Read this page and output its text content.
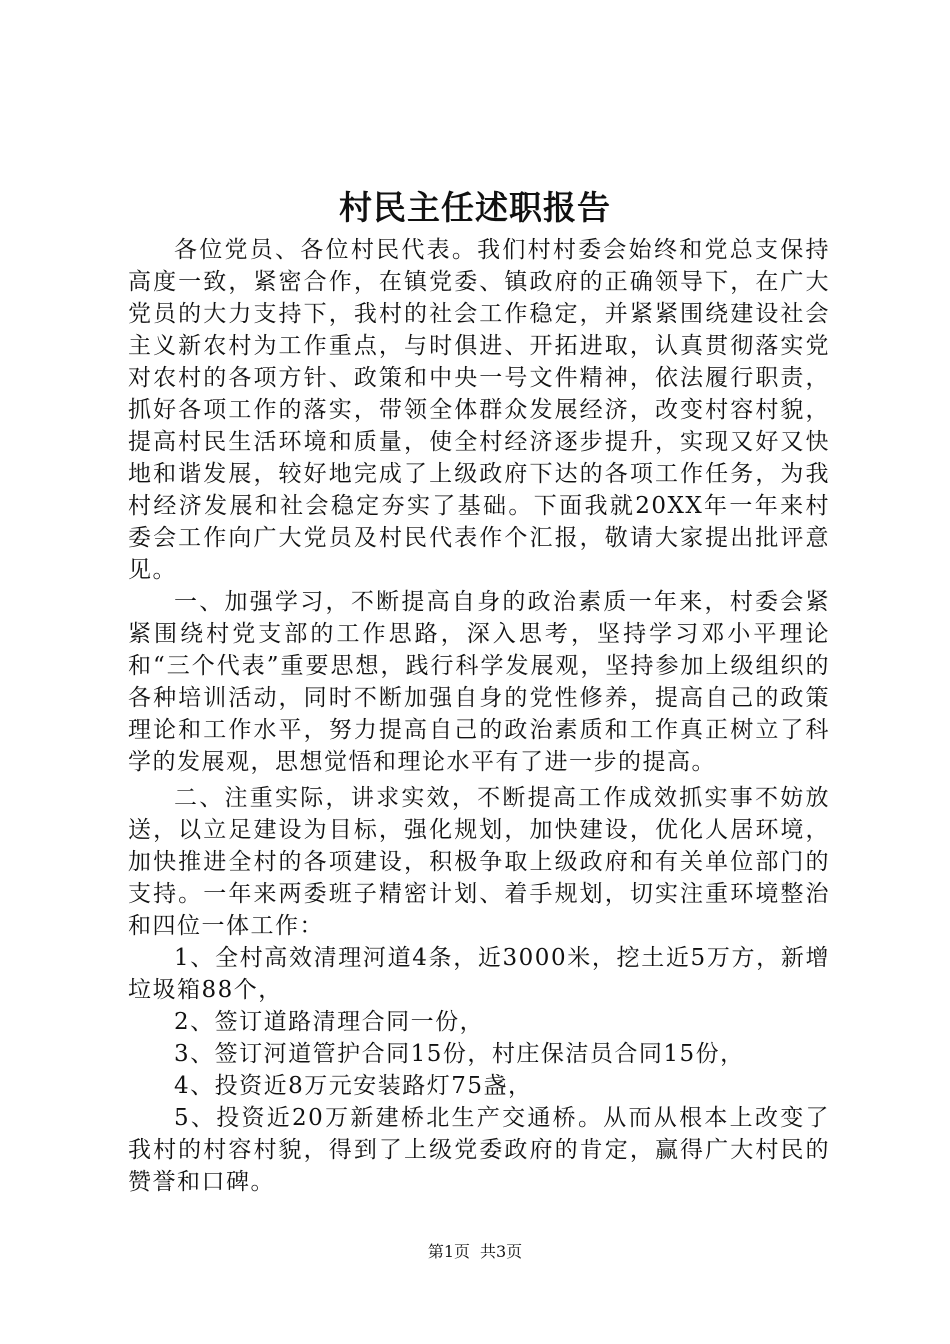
村民主任述职报告

各位党员、各位村民代表。我们村村委会始终和党总支保持高度一致，紧密合作，在镇党委、镇政府的正确领导下，在广大党员的大力支持下，我村的社会工作稳定，并紧紧围绕建设社会主义新农村为工作重点，与时俱进、开拓进取，认真贯彻落实党对农村的各项方针、政策和中央一号文件精神，依法履行职责，抓好各项工作的落实，带领全体群众发展经济，改变村容村貌，提高村民生活环境和质量，使全村经济逐步提升，实现又好又快地和谐发展，较好地完成了上级政府下达的各项工作任务，为我村经济发展和社会稳定夯实了基础。下面我就20XX年一年来村委会工作向广大党员及村民代表作个汇报，敬请大家提出批评意见。

一、加强学习，不断提高自身的政治素质一年来，村委会紧紧围绕村党支部的工作思路，深入思考，坚持学习邓小平理论和“三个代表”重要思想，践行科学发展观，坚持参加上级组织的各种培训活动，同时不断加强自身的党性修养，提高自己的政策理论和工作水平，努力提高自己的政治素质和工作真正树立了科学的发展观，思想觉悟和理论水平有了进一步的提高。

二、注重实际，讲求实效，不断提高工作成效抓实事不妨放送，以立足建设为目标，强化规划，加快建设，优化人居环境，加快推进全村的各项建设，积极争取上级政府和有关单位部门的支持。一年来两委班子精密计划、着手规划，切实注重环境整治和四位一体工作：

1、全村高效清理河道4条，近3000米，挖土近5万方，新增垃圾箱88个，

2、签订道路清理合同一份，

3、签订河道管护合同15份，村庄保洁员合同15份，

4、投资近8万元安装路灯75盏，

5、投资近20万新建桥北生产交通桥。从而从根本上改变了我村的村容村貌，得到了上级党委政府的肯定，赢得广大村民的赞誉和口碑。

第1页 共3页
